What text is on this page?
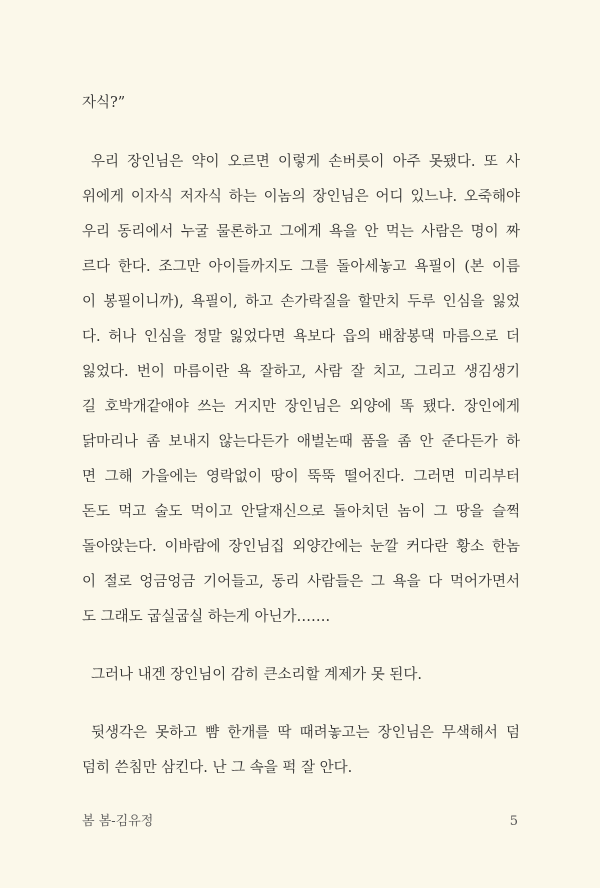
자식?”
우리 장인님은 약이 오르면 이렇게 손버릇이 아주 못됐다. 또 사
위에게 이자식 저자식 하는 이놈의 장인님은 어디 있느냐. 오죽해야
우리 동리에서 누굴 물론하고 그에게 욕을 안 먹는 사람은 명이 짜
르다 한다. 조그만 아이들까지도 그를 돌아세놓고 욕필이 (본 이름
이 봉필이니까), 욕필이, 하고 손가락질을 할만치 두루 인심을 잃었
다. 허나 인심을 정말 잃었다면 욕보다 읍의 배참봉댁 마름으로 더
잃었다. 번이 마름이란 욕 잘하고, 사람 잘 치고, 그리고 생김생기
길 호박개같애야 쓰는 거지만 장인님은 외양에 똑 됐다. 장인에게
닭마리나 좀 보내지 않는다든가 애벌논때 품을 좀 안 준다든가 하
면 그해 가을에는 영락없이 땅이 뚝뚝 떨어진다. 그러면 미리부터
돈도 먹고 술도 먹이고 안달재신으로 돌아치던 놈이 그 땅을 슬쩍
돌아앉는다. 이바람에 장인님집 외양간에는 눈깔 커다란 황소 한놈
이 절로 엉금엉금 기어들고, 동리 사람들은 그 욕을 다 먹어가면서
도 그래도 굽실굽실 하는게 아닌가…….
그러나 내겐 장인님이 감히 큰소리할 계제가 못 된다.
뒷생각은 못하고 뺨 한개를 딱 때려놓고는 장인님은 무색해서 덤
덤히 쓴침만 삼킨다. 난 그 속을 퍽 잘 안다.
봄 봄-김유정	5
